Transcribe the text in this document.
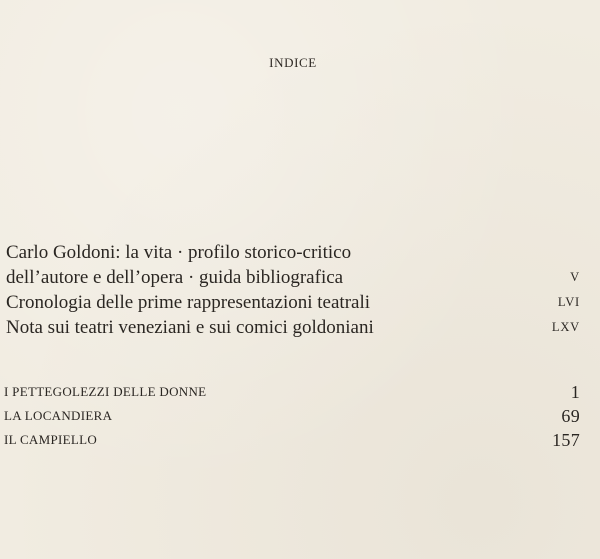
INDICE
Carlo Goldoni: la vita · profilo storico-critico
dell’autore e dell’opera · guida bibliografica	V
Cronologia delle prime rappresentazioni teatrali	LVI
Nota sui teatri veneziani e sui comici goldoniani	LXV
I PETTEGOLEZZI DELLE DONNE	1
LA LOCANDIERA	69
IL CAMPIELLO	157
